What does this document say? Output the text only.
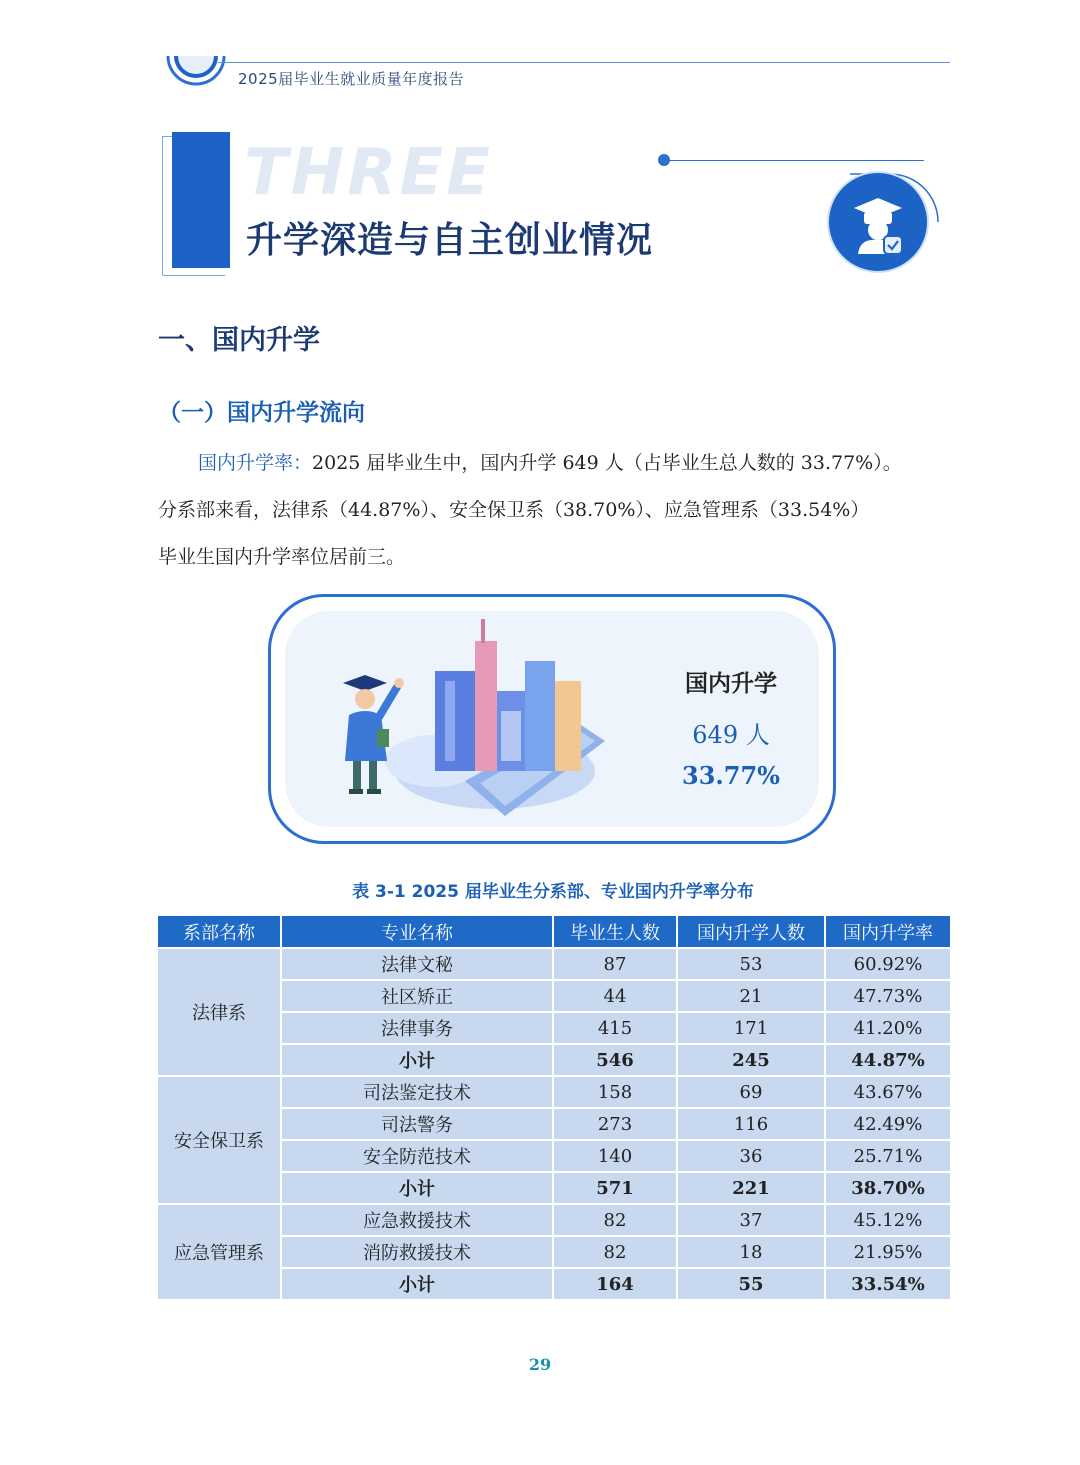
2025届毕业生就业质量年度报告
THREE
升学深造与自主创业情况
一、国内升学
（一）国内升学流向
国内升学率：2025 届毕业生中，国内升学 649 人（占毕业生总人数的 33.77%）。
分系部来看，法律系（44.87%）、安全保卫系（38.70%）、应急管理系（33.54%）
毕业生国内升学率位居前三。
国内升学
649 人
33.77%
表 3-1 2025 届毕业生分系部、专业国内升学率分布
系部名称	专业名称	毕业生人数	国内升学人数	国内升学率
法律系	法律文秘	87	53	60.92%
	社区矫正	44	21	47.73%
	法律事务	415	171	41.20%
	小计	546	245	44.87%
安全保卫系	司法鉴定技术	158	69	43.67%
	司法警务	273	116	42.49%
	安全防范技术	140	36	25.71%
	小计	571	221	38.70%
应急管理系	应急救援技术	82	37	45.12%
	消防救援技术	82	18	21.95%
	小计	164	55	33.54%
29
